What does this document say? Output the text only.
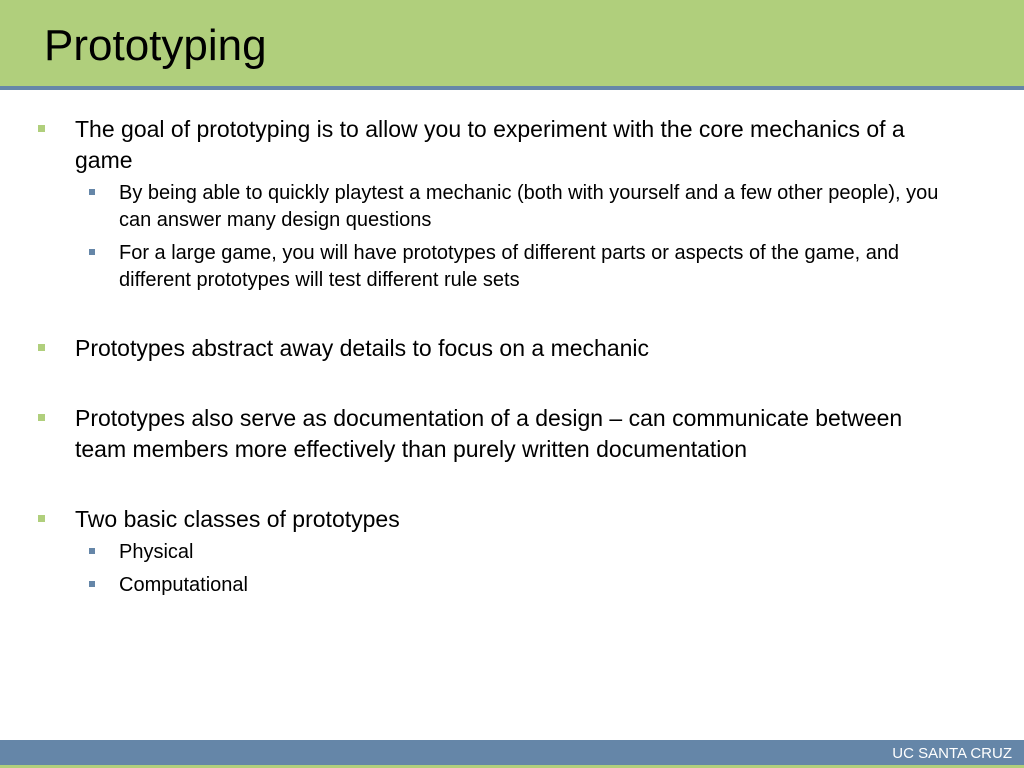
Prototyping
The goal of prototyping is to allow you to experiment with the core mechanics of a game
By being able to quickly playtest a mechanic (both with yourself and a few other people), you can answer many design questions
For a large game, you will have prototypes of different parts or aspects of the game, and different prototypes will test different rule sets
Prototypes abstract away details to focus on a mechanic
Prototypes also serve as documentation of a design – can communicate between team members more effectively than purely written documentation
Two basic classes of prototypes
Physical
Computational
UC SANTA CRUZ
